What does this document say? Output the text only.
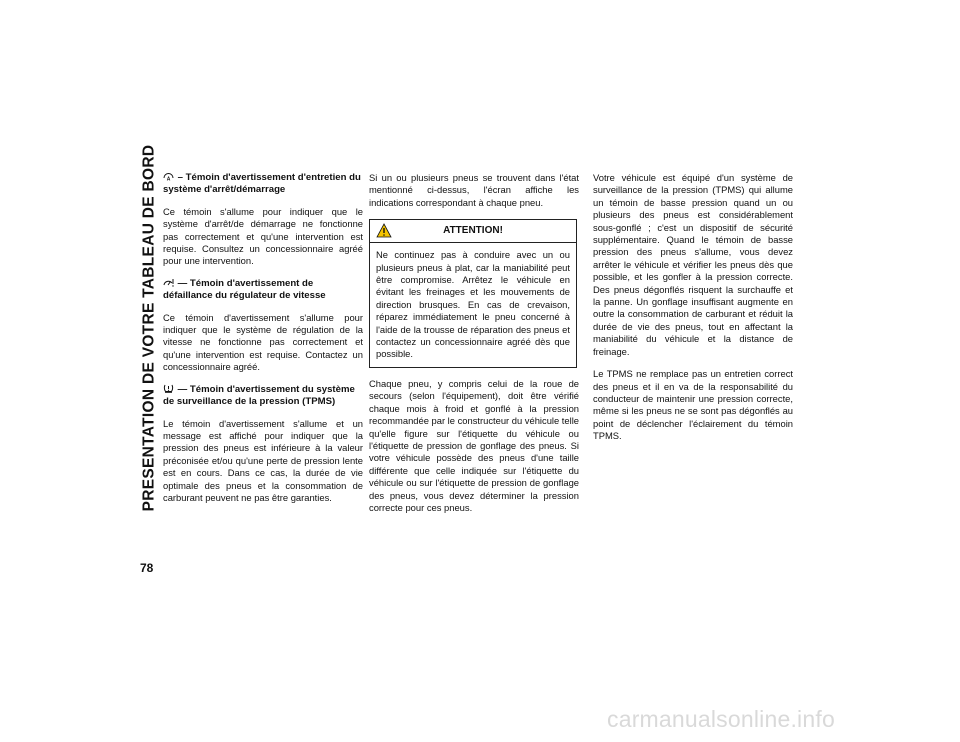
PRESENTATION DE VOTRE TABLEAU DE BORD
78
A – Témoin d'avertissement d'entretien du système d'arrêt/démarrage

Ce témoin s'allume pour indiquer que le système d'arrêt/de démarrage ne fonctionne pas correctement et qu'une intervention est requise. Consultez un concessionnaire agréé pour une intervention.

— Témoin d'avertissement de défaillance du régulateur de vitesse

Ce témoin d'avertissement s'allume pour indiquer que le système de régulation de la vitesse ne fonctionne pas correctement et qu'une intervention est requise. Contactez un concessionnaire agréé.

— Témoin d'avertissement du système de surveillance de la pression (TPMS)

Le témoin d'avertissement s'allume et un message est affiché pour indiquer que la pression des pneus est inférieure à la valeur préconisée et/ou qu'une perte de pression lente est en cours. Dans ce cas, la durée de vie optimale des pneus et la consommation de carburant peuvent ne pas être garanties.

Si un ou plusieurs pneus se trouvent dans l'état mentionné ci-dessus, l'écran affiche les indications correspondant à chaque pneu.

ATTENTION!
Ne continuez pas à conduire avec un ou plusieurs pneus à plat, car la maniabilité peut être compromise. Arrêtez le véhicule en évitant les freinages et les mouvements de direction brusques. En cas de crevaison, réparez immédiatement le pneu concerné à l'aide de la trousse de réparation des pneus et contactez un concessionnaire agréé dès que possible.

Chaque pneu, y compris celui de la roue de secours (selon l'équipement), doit être vérifié chaque mois à froid et gonflé à la pression recommandée par le constructeur du véhicule telle qu'elle figure sur l'étiquette du véhicule ou l'étiquette de pression de gonflage des pneus. Si votre véhicule possède des pneus d'une taille différente que celle indiquée sur l'étiquette du véhicule ou sur l'étiquette de pression de gonflage des pneus, vous devez déterminer la pression correcte pour ces pneus.

Votre véhicule est équipé d'un système de surveillance de la pression (TPMS) qui allume un témoin de basse pression quand un ou plusieurs des pneus est considérablement sous-gonflé ; c'est un dispositif de sécurité supplémentaire. Quand le témoin de basse pression des pneus s'allume, vous devez arrêter le véhicule et vérifier les pneus dès que possible, et les gonfler à la pression correcte. Des pneus dégonflés risquent la surchauffe et la panne. Un gonflage insuffisant augmente en outre la consommation de carburant et réduit la durée de vie des pneus, tout en affectant la maniabilité du véhicule et la distance de freinage.

Le TPMS ne remplace pas un entretien correct des pneus et il en va de la responsabilité du conducteur de maintenir une pression correcte, même si les pneus ne se sont pas dégonflés au point de déclencher l'éclairement du témoin TPMS.

carmanualsonline.info
